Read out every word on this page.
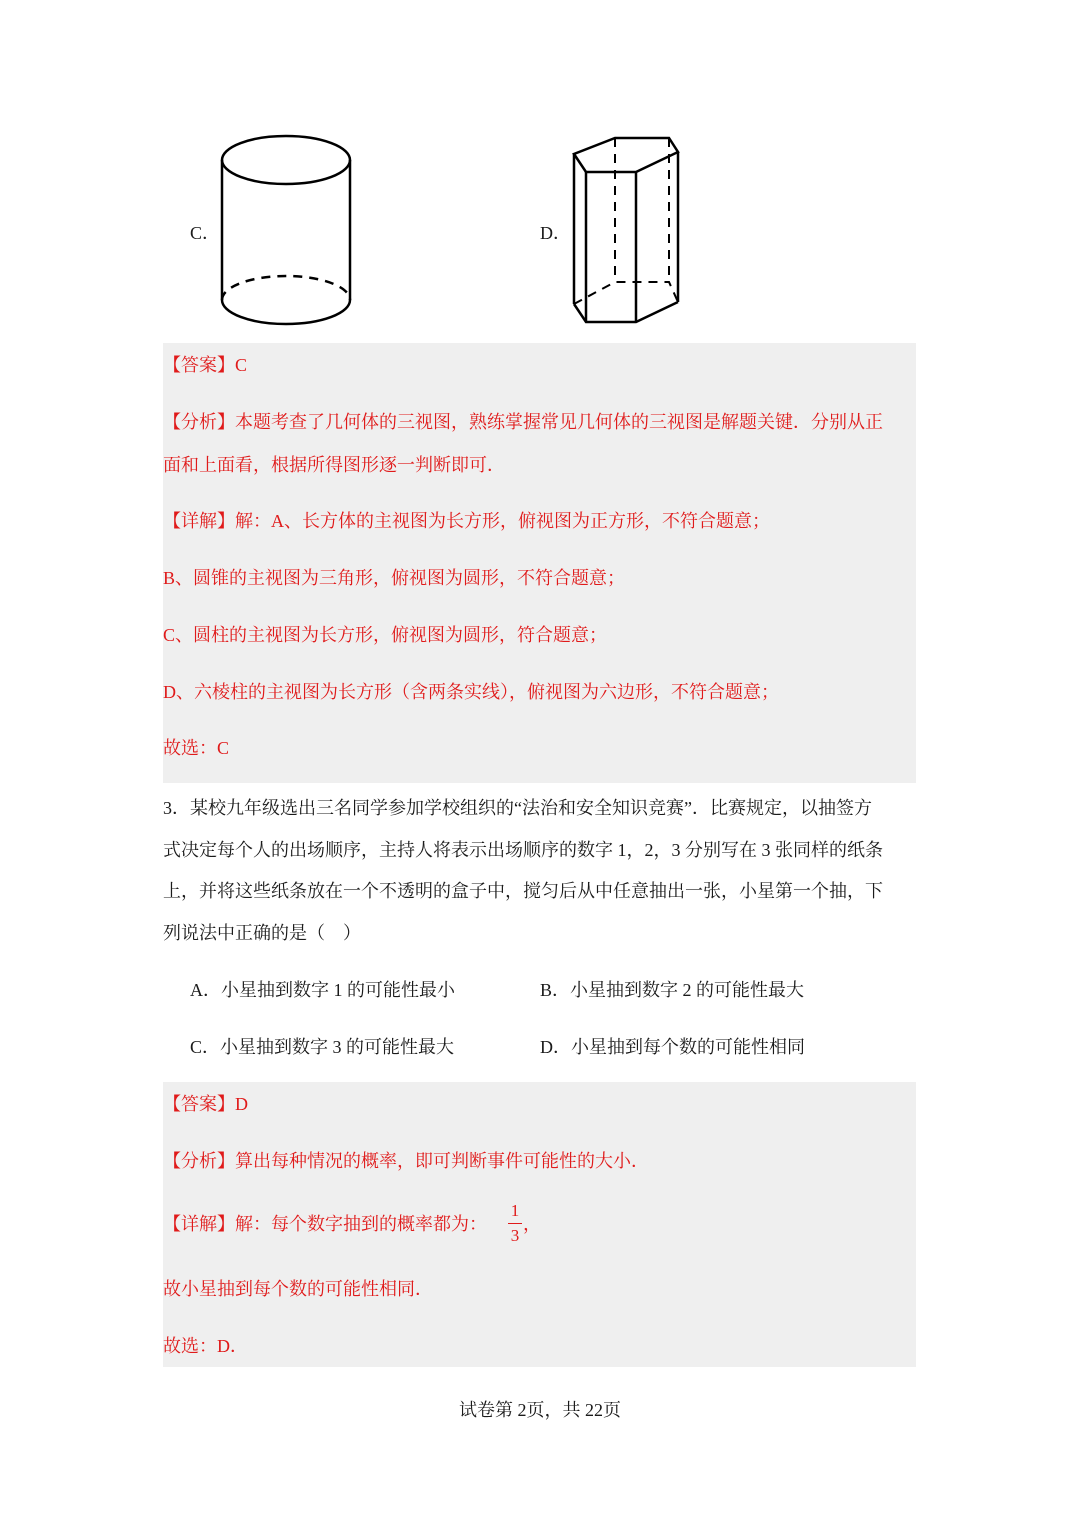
C．	D．
【答案】C
【分析】本题考查了几何体的三视图，熟练掌握常见几何体的三视图是解题关键．分别从正
面和上面看，根据所得图形逐一判断即可．
【详解】解：A、长方体的主视图为长方形，俯视图为正方形，不符合题意；
B、圆锥的主视图为三角形，俯视图为圆形，不符合题意；
C、圆柱的主视图为长方形，俯视图为圆形，符合题意；
D、六棱柱的主视图为长方形（含两条实线），俯视图为六边形，不符合题意；
故选：C
3．某校九年级选出三名同学参加学校组织的“法治和安全知识竞赛”．比赛规定，以抽签方
式决定每个人的出场顺序，主持人将表示出场顺序的数字 1，2，3 分别写在 3 张同样的纸条
上，并将这些纸条放在一个不透明的盒子中，搅匀后从中任意抽出一张，小星第一个抽，下
列说法中正确的是（　）
A．小星抽到数字 1 的可能性最小	B．小星抽到数字 2 的可能性最大
C．小星抽到数字 3 的可能性最大	D．小星抽到每个数的可能性相同
【答案】D
【分析】算出每种情况的概率，即可判断事件可能性的大小．
【详解】解：每个数字抽到的概率都为：
1
3
，
故小星抽到每个数的可能性相同．
故选：D．
试卷第 2页，共 22页
